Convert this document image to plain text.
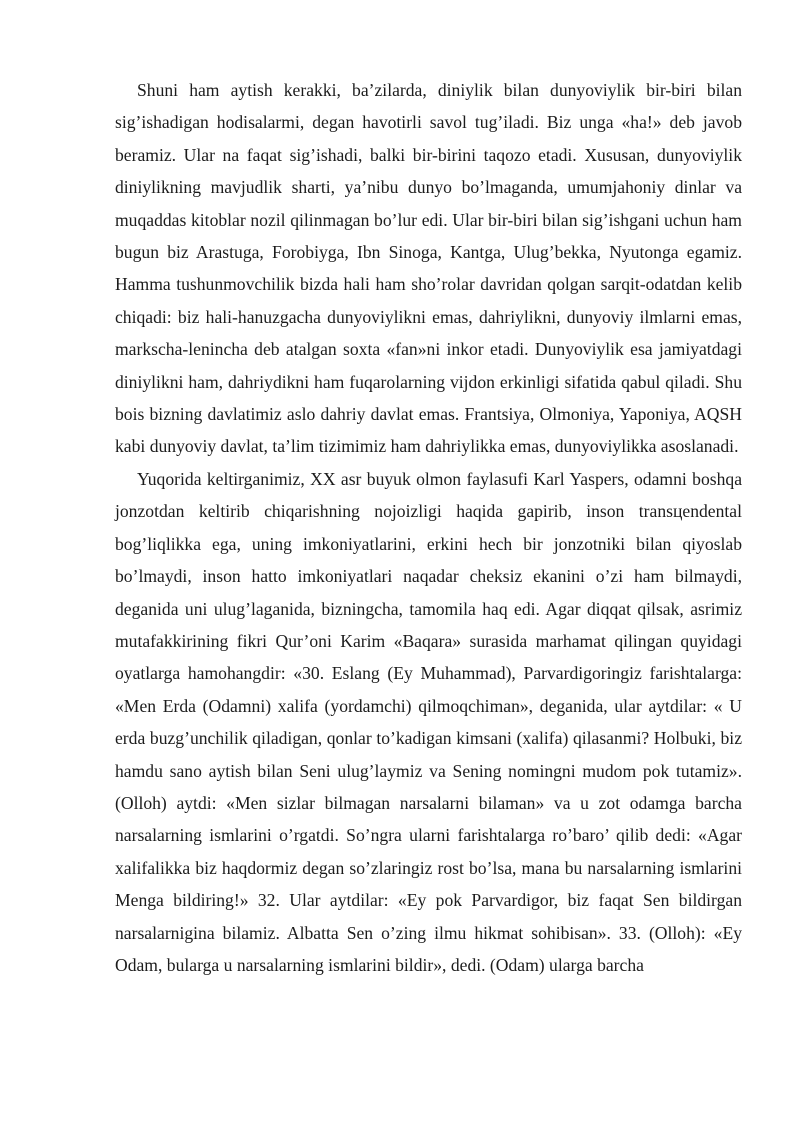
Shuni ham aytish kerakki, ba’zilarda, diniylik bilan dunyoviylik bir-biri bilan sig’ishadigan hodisalarmi, degan havotirli savol tug’iladi. Biz unga «ha!» deb javob beramiz. Ular na faqat sig’ishadi, balki bir-birini taqozo etadi. Xususan, dunyoviylik diniylikning mavjudlik sharti, ya’nibu dunyo bo’lmaganda, umumjahoniy dinlar va muqaddas kitoblar nozil qilinmagan bo’lur edi. Ular bir-biri bilan sig’ishgani uchun ham bugun biz Arastuga, Forobiyga, Ibn Sinoga, Kantga, Ulug’bekka, Nyutonga egamiz. Hamma tushunmovchilik bizda hali ham sho’rolar davridan qolgan sarqit-odatdan kelib chiqadi: biz hali-hanuzgacha dunyoviylikni emas, dahriylikni, dunyoviy ilmlarni emas, markscha-lenincha deb atalgan soxta «fan»ni inkor etadi. Dunyoviylik esa jamiyatdagi diniylikni ham, dahriydikni ham fuqarolarning vijdon erkinligi sifatida qabul qiladi. Shu bois bizning davlatimiz aslo dahriy davlat emas. Frantsiya, Olmoniya, Yaponiya, AQSH kabi dunyoviy davlat, ta’lim tizimimiz ham dahriylikka emas, dunyoviylikka asoslanadi.

Yuqorida keltirganimiz, XX asr buyuk olmon faylasufi Karl Yaspers, odamni boshqa jonzotdan keltirib chiqarishning nojoizligi haqida gapirib, inson transцendental bog’liqlikka ega, uning imkoniyatlarini, erkini hech bir jonzotniki bilan qiyoslab bo’lmaydi, inson hatto imkoniyatlari naqadar cheksiz ekanini o’zi ham bilmaydi, deganida uni ulug’laganida, bizningcha, tamomila haq edi. Agar diqqat qilsak, asrimiz mutafakkirining fikri Qur’oni Karim «Baqara» surasida marhamat qilingan quyidagi oyatlarga hamohangdir: «30. Eslang (Ey Muhammad), Parvardigoringiz farishtalarga: «Men Erda (Odamni) xalifa (yordamchi) qilmoqchiman», deganida, ular aytdilar: « U erda buzg’unchilik qiladigan, qonlar to’kadigan kimsani (xalifa) qilasanmi? Holbuki, biz hamdu sano aytish bilan Seni ulug’laymiz va Sening nomingni mudom pok tutamiz». (Olloh) aytdi: «Men sizlar bilmagan narsalarni bilaman» va u zot odamga barcha narsalarning ismlarini o’rgatdi. So’ngra ularni farishtalarga ro’baro’ qilib dedi: «Agar xalifalikka biz haqdormiz degan so’zlaringiz rost bo’lsa, mana bu narsalarning ismlarini Menga bildiring!» 32. Ular aytdilar: «Ey pok Parvardigor, biz faqat Sen bildirgan narsalarnigina bilamiz. Albatta Sen o’zing ilmu hikmat sohibisan». 33. (Olloh): «Ey Odam, bularga u narsalarning ismlarini bildir», dedi. (Odam) ularga barcha
